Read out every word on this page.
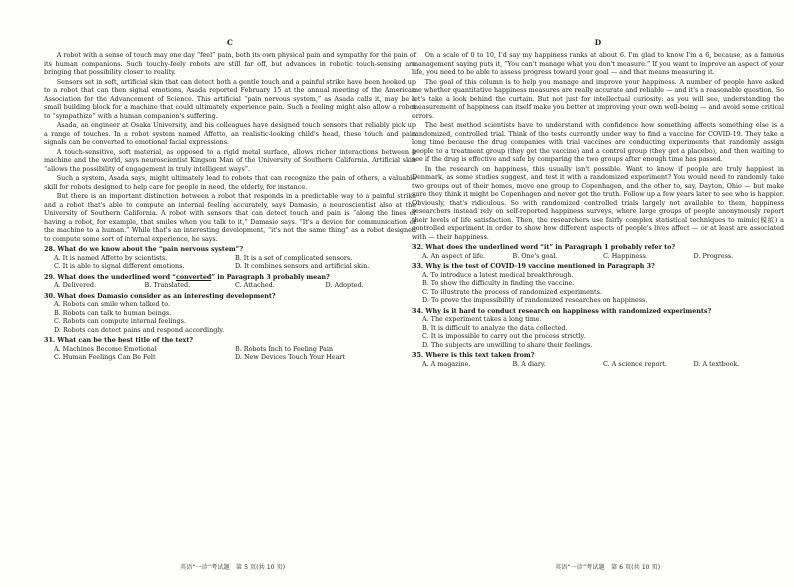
C

A robot with a sense of touch may one day “feel” pain, both its own physical pain and sympathy for the pain of its human companions. Such touchy-feely robots are still far off, but advances in robotic touch-sensing are bringing that possibility closer to reality.

Sensors set in soft, artificial skin that can detect both a gentle touch and a painful strike have been hooked up to a robot that can then signal emotions, Asada reported February 15 at the annual meeting of the American Association for the Advancement of Science. This artificial “pain nervous system,” as Asada calls it, may be a small building block for a machine that could ultimately experience pain. Such a feeling might also allow a robot to “sympathize” with a human companion's suffering.

Asada, an engineer at Osaka University, and his colleagues have designed touch sensors that reliably pick up a range of touches. In a robot system named Affetto, an realistic-looking child's head, these touch and pain signals can be converted to emotional facial expressions.

A touch-sensitive, soft material, as opposed to a rigid metal surface, allows richer interactions between a machine and the world, says neuroscientist Kingson Man of the University of Southern California. Artificial skin “allows the possibility of engagement in truly intelligent ways”.

Such a system, Asada says, might ultimately lead to robots that can recognize the pain of others, a valuable skill for robots designed to help care for people in need, the elderly, for instance.

But there is an important distinction between a robot that responds in a predictable way to a painful strike and a robot that's able to compute an internal feeling accurately, says Damasio, a neuroscientist also at the University of Southern California. A robot with sensors that can detect touch and pain is “along the lines of having a robot, for example, that smiles when you talk to it,” Damasio says. “It's a device for communication of the machine to a human.” While that's an interesting development, “it's not the same thing” as a robot designed to compute some sort of internal experience, he says.

28. What do we know about the “pain nervous system”?

A. It is named Affetto by scientists.	B. It is a set of complicated sensors.
C. It is able to signal different emotions.	D. It combines sensors and artificial skin.

29. What does the underlined word “converted” in Paragraph 3 probably mean?

A. Delivered.	B. Translated.	C. Attached.	D. Adopted.

30. What does Damasio consider as an interesting development?

A. Robots can smile when talked to.

B. Robots can talk to human beings.

C. Robots can compute internal feelings.

D. Robots can detect pains and respond accordingly.

31. What can be the best title of the text?

A. Machines Become Emotional	B. Robots Inch to Feeling Pain
C. Human Feelings Can Be Felt	D. New Devices Touch Your Heart
英语“一诊”考试题　第 5 页(共 10 页)

D

On a scale of 0 to 10, I'd say my happiness ranks at about 6. I'm glad to know I'm a 6, because, as a famous management saying puts it, “You can't manage what you don't measure.” If you want to improve an aspect of your life, you need to be able to assess progress toward your goal — and that means measuring it.

The goal of this column is to help you manage and improve your happiness. A number of people have asked me whether quantitative happiness measures are really accurate and reliable — and it's a reasonable question. So let's take a look behind the curtain. But not just for intellectual curiosity: as you will see, understanding the measurement of happiness can itself make you better at improving your own well-being — and avoid some critical errors.

The best method scientists have to understand with confidence how something affects something else is a randomized, controlled trial. Think of the tests currently under way to find a vaccine for COVID-19. They take a long time because the drug companies with trial vaccines are conducting experiments that randomly assign people to a treatment group (they get the vaccine) and a control group (they get a placebo), and then waiting to see if the drug is effective and safe by comparing the two groups after enough time has passed.

In the research on happiness, this usually isn't possible. Want to know if people are truly happiest in Denmark, as some studies suggest, and test it with a randomized experiment? You would need to randomly take two groups out of their homes, move one group to Copenhagen, and the other to, say, Dayton, Ohio — but make sure they think it might be Copenhagen and never get the truth. Follow up a few years later to see who is happier. Obviously, that's ridiculous. So with randomized controlled trials largely not available to them, happiness researchers instead rely on self-reported happiness surveys, where large groups of people anonymously report their levels of life satisfaction. Then, the researchers use fairly complex statistical techniques to mimic(模拟) a controlled experiment in order to show how different aspects of people's lives affect — or at least are associated with — their happiness.

32. What does the underlined word “it” in Paragraph 1 probably refer to?

A. An aspect of life.	B. One's goal.	C. Happiness.	D. Progress.

33. Why is the test of COVID-19 vaccine mentioned in Paragraph 3?

A. To introduce a latest medical breakthrough.

B. To show the difficulty in finding the vaccine.

C. To illustrate the process of randomized experiments.

D. To prove the impossibility of randomized researches on happiness.

34. Why is it hard to conduct research on happiness with randomized experiments?

A. The experiment takes a long time.

B. It is difficult to analyze the data collected.

C. It is impossible to carry out the process strictly.

D. The subjects are unwilling to share their feelings.

35. Where is this text taken from?

A. A magazine.	B. A diary.	C. A science report.	D. A textbook.
英语“一诊”考试题　第 6 页(共 10 页)
